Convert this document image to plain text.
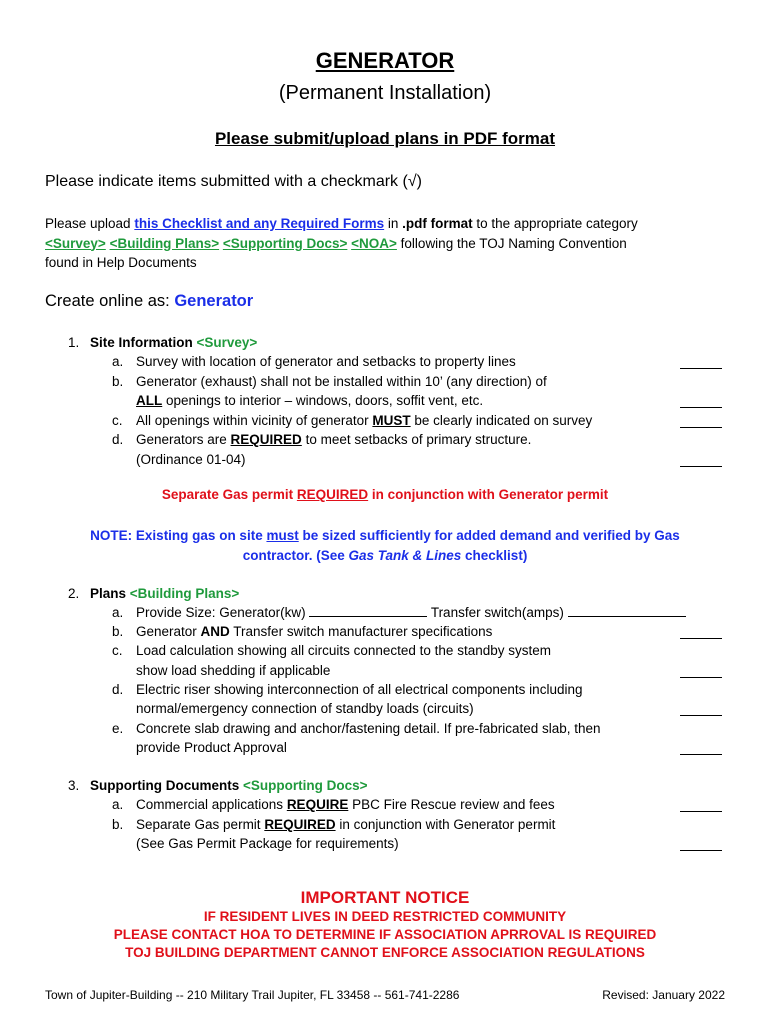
GENERATOR
(Permanent Installation)
Please submit/upload plans in PDF format
Please indicate items submitted with a checkmark (√)
Please upload this Checklist and any Required Forms in .pdf format to the appropriate category
<Survey> <Building Plans> <Supporting Docs> <NOA> following the TOJ Naming Convention
found in Help Documents
Create online as: Generator
1. Site Information <Survey>
a. Survey with location of generator and setbacks to property lines
b. Generator (exhaust) shall not be installed within 10’ (any direction) of
ALL openings to interior – windows, doors, soffit vent, etc.
c. All openings within vicinity of generator MUST be clearly indicated on survey
d. Generators are REQUIRED to meet setbacks of primary structure.
(Ordinance 01-04)
Separate Gas permit REQUIRED in conjunction with Generator permit
NOTE: Existing gas on site must be sized sufficiently for added demand and verified by Gas
contractor. (See Gas Tank & Lines checklist)
2. Plans <Building Plans>
a. Provide Size: Generator(kw)	Transfer switch(amps)
b. Generator AND Transfer switch manufacturer specifications
c. Load calculation showing all circuits connected to the standby system
show load shedding if applicable
d. Electric riser showing interconnection of all electrical components including
normal/emergency connection of standby loads (circuits)
e. Concrete slab drawing and anchor/fastening detail. If pre-fabricated slab, then
provide Product Approval
3. Supporting Documents <Supporting Docs>
a. Commercial applications REQUIRE PBC Fire Rescue review and fees
b. Separate Gas permit REQUIRED in conjunction with Generator permit
(See Gas Permit Package for requirements)
IMPORTANT NOTICE
IF RESIDENT LIVES IN DEED RESTRICTED COMMUNITY
PLEASE CONTACT HOA TO DETERMINE IF ASSOCIATION APRROVAL IS REQUIRED
TOJ BUILDING DEPARTMENT CANNOT ENFORCE ASSOCIATION REGULATIONS
Town of Jupiter-Building -- 210 Military Trail Jupiter, FL 33458 -- 561-741-2286	Revised: January 2022
